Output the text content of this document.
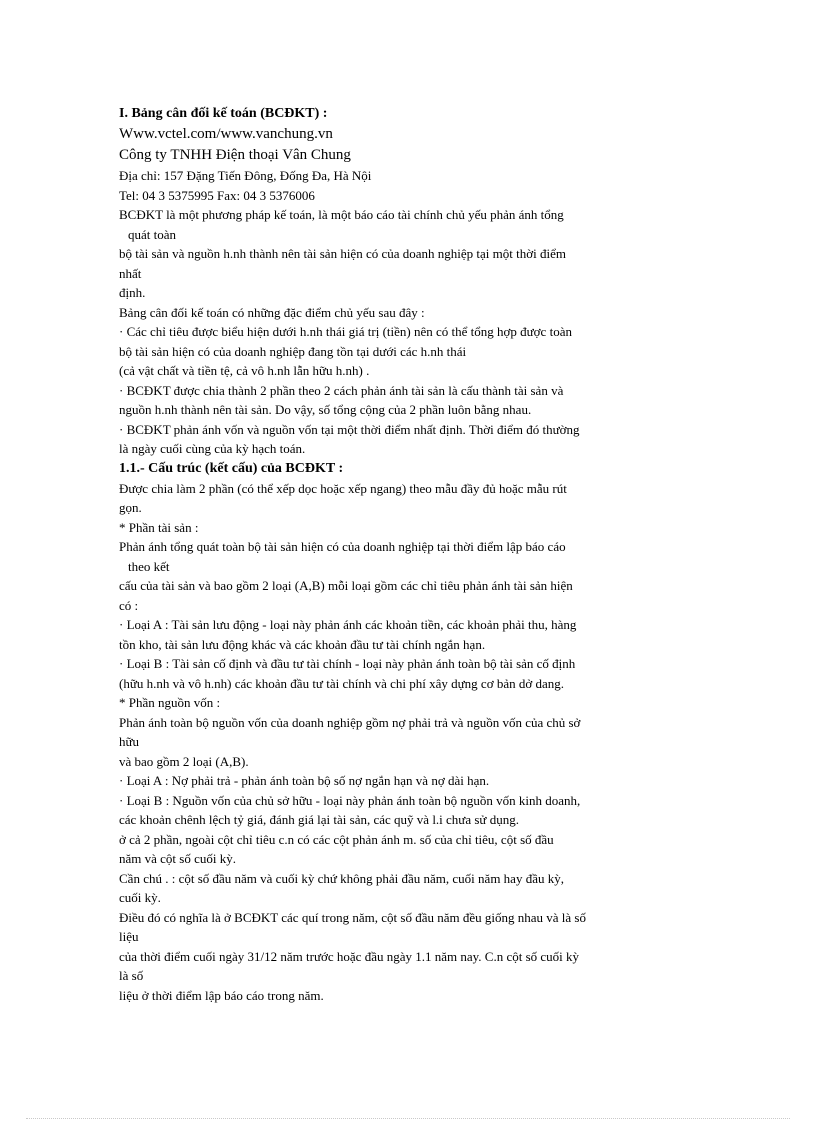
I. Bảng cân đối kế toán (BCĐKT) :
Www.vctel.com/www.vanchung.vn
Công ty TNHH Điện thoại Vân Chung
Địa chỉ: 157 Đặng Tiến Đông, Đống Đa, Hà Nội
Tel: 04 3 5375995 Fax: 04 3 5376006
BCĐKT là một phương pháp kế toán, là một báo cáo tài chính chủ yếu phản ánh tổng
quát toàn
bộ tài sản và nguồn h.nh thành nên tài sản hiện có của doanh nghiệp tại một thời điểm
nhất
định.
Bảng cân đối kế toán có những đặc điểm chủ yếu sau đây :
· Các chỉ tiêu được biểu hiện dưới h.nh thái giá trị (tiền) nên có thể tổng hợp được toàn
bộ tài sản hiện có của doanh nghiệp đang tồn tại dưới các h.nh thái
(cả vật chất và tiền tệ, cả vô h.nh lẫn hữu h.nh) .
· BCĐKT được chia thành 2 phần theo 2 cách phản ánh tài sản là cấu thành tài sản và
nguồn h.nh thành nên tài sản. Do vậy, số tổng cộng của 2 phần luôn bằng nhau.
· BCĐKT phản ánh vốn và nguồn vốn tại một thời điểm nhất định. Thời điểm đó thường
là ngày cuối cùng của kỳ hạch toán.
1.1.- Cấu trúc (kết cấu) của BCĐKT :
Được chia làm 2 phần (có thể xếp dọc hoặc xếp ngang) theo mẫu đầy đủ hoặc mẫu rút
gọn.
* Phần tài sản :
Phản ánh tổng quát toàn bộ tài sản hiện có của doanh nghiệp tại thời điểm lập báo cáo
theo kết
cấu của tài sản và bao gồm 2 loại (A,B) mỗi loại gồm các chỉ tiêu phản ánh tài sản hiện
có :
· Loại A : Tài sản lưu động - loại này phản ánh các khoản tiền, các khoản phải thu, hàng
tồn kho, tài sản lưu động khác và các khoản đầu tư tài chính ngắn hạn.
· Loại B : Tài sản cố định và đầu tư tài chính - loại này phản ánh toàn bộ tài sản cố định
(hữu h.nh và vô h.nh) các khoản đầu tư tài chính và chi phí xây dựng cơ bản dở dang.
* Phần nguồn vốn :
Phản ánh toàn bộ nguồn vốn của doanh nghiệp gồm nợ phải trả và nguồn vốn của chủ sở
hữu
và bao gồm 2 loại (A,B).
· Loại A : Nợ phải trả - phản ánh toàn bộ số nợ ngắn hạn và nợ dài hạn.
· Loại B : Nguồn vốn của chủ sở hữu - loại này phản ánh toàn bộ nguồn vốn kinh doanh,
các khoản chênh lệch tỷ giá, đánh giá lại tài sản, các quỹ và l.i chưa sử dụng.
ở cả 2 phần, ngoài cột chỉ tiêu c.n có các cột phản ánh m. số của chỉ tiêu, cột số đầu
năm và cột số cuối kỳ.
Cần chú . : cột số đầu năm và cuối kỳ chứ không phải đầu năm, cuối năm hay đầu kỳ,
cuối kỳ.
Điều đó có nghĩa là ở BCĐKT các quí trong năm, cột số đầu năm đều giống nhau và là số
liệu
của thời điểm cuối ngày 31/12 năm trước hoặc đầu ngày 1.1 năm nay. C.n cột số cuối kỳ
là số
liệu ở thời điểm lập báo cáo trong năm.
